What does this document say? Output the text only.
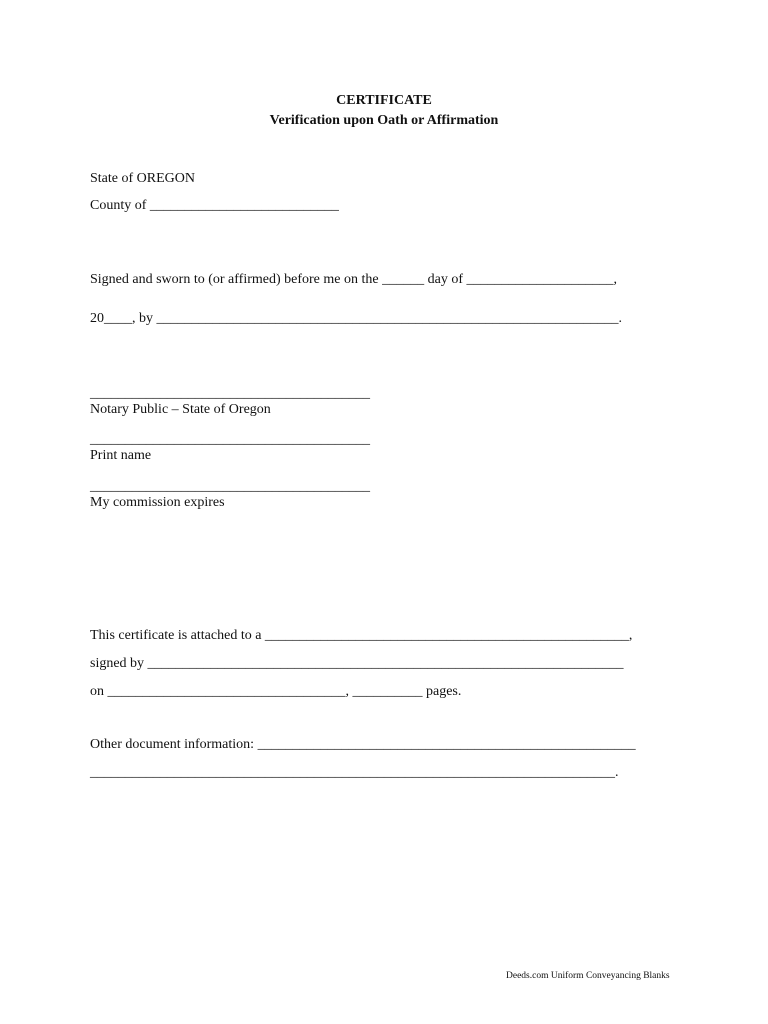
CERTIFICATE
Verification upon Oath or Affirmation
State of OREGON
County of ___________________________
Signed and sworn to (or affirmed) before me on the ______ day of _____________________,
20____, by __________________________________________________________________.
________________________________________
Notary Public – State of Oregon
________________________________________
Print name
________________________________________
My commission expires
This certificate is attached to a ____________________________________________________,
signed by ____________________________________________________________________
on __________________________________, __________ pages.
Other document information: ______________________________________________________
___________________________________________________________________________.
Deeds.com Uniform Conveyancing Blanks
